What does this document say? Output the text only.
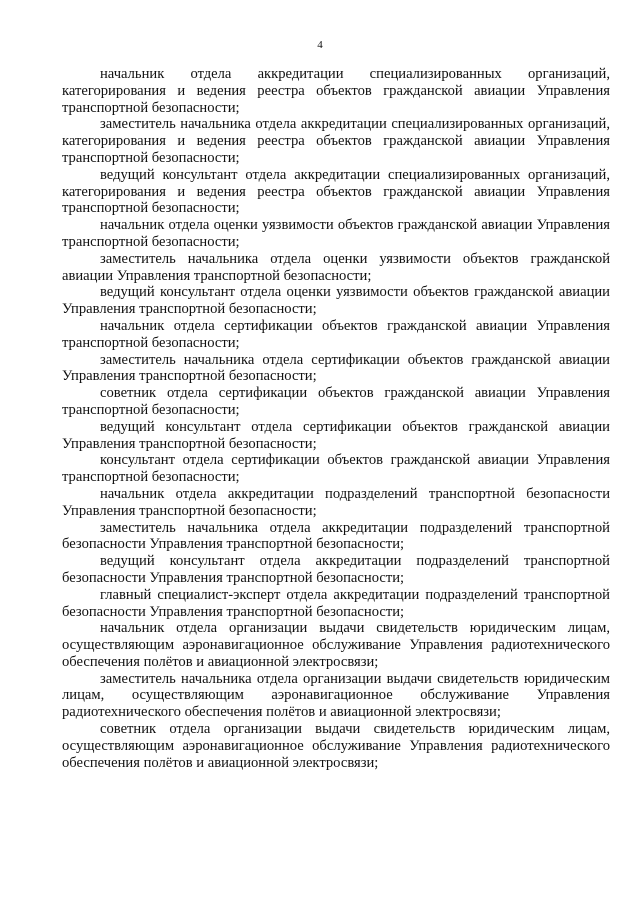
4

начальник отдела аккредитации специализированных организаций, категорирования и ведения реестра объектов гражданской авиации Управления транспортной безопасности;

заместитель начальника отдела аккредитации специализированных организаций, категорирования и ведения реестра объектов гражданской авиации Управления транспортной безопасности;

ведущий консультант отдела аккредитации специализированных организаций, категорирования и ведения реестра объектов гражданской авиации Управления транспортной безопасности;

начальник отдела оценки уязвимости объектов гражданской авиации Управления транспортной безопасности;

заместитель начальника отдела оценки уязвимости объектов гражданской авиации Управления транспортной безопасности;

ведущий консультант отдела оценки уязвимости объектов гражданской авиации Управления транспортной безопасности;

начальник отдела сертификации объектов гражданской авиации Управления транспортной безопасности;

заместитель начальника отдела сертификации объектов гражданской авиации Управления транспортной безопасности;

советник отдела сертификации объектов гражданской авиации Управления транспортной безопасности;

ведущий консультант отдела сертификации объектов гражданской авиации Управления транспортной безопасности;

консультант отдела сертификации объектов гражданской авиации Управления транспортной безопасности;

начальник отдела аккредитации подразделений транспортной безопасности Управления транспортной безопасности;

заместитель начальника отдела аккредитации подразделений транспортной безопасности Управления транспортной безопасности;

ведущий консультант отдела аккредитации подразделений транспортной безопасности Управления транспортной безопасности;

главный специалист-эксперт отдела аккредитации подразделений транспортной безопасности Управления транспортной безопасности;

начальник отдела организации выдачи свидетельств юридическим лицам, осуществляющим аэронавигационное обслуживание Управления радиотехнического обеспечения полётов и авиационной электросвязи;

заместитель начальника отдела организации выдачи свидетельств юридическим лицам, осуществляющим аэронавигационное обслуживание Управления радиотехнического обеспечения полётов и авиационной электросвязи;

советник отдела организации выдачи свидетельств юридическим лицам, осуществляющим аэронавигационное обслуживание Управления радиотехнического обеспечения полётов и авиационной электросвязи;
